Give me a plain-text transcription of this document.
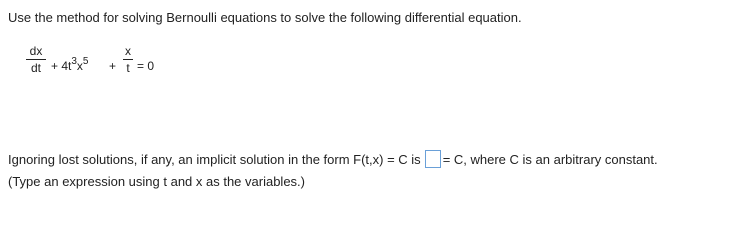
Use the method for solving Bernoulli equations to solve the following differential equation.
dx
dt + $4t^3x^5$ +
x
t = 0
Ignoring lost solutions, if any, an implicit solution in the form F(t,x) = C is = C, where C is an arbitrary constant.
(Type an expression using t and x as the variables.)
